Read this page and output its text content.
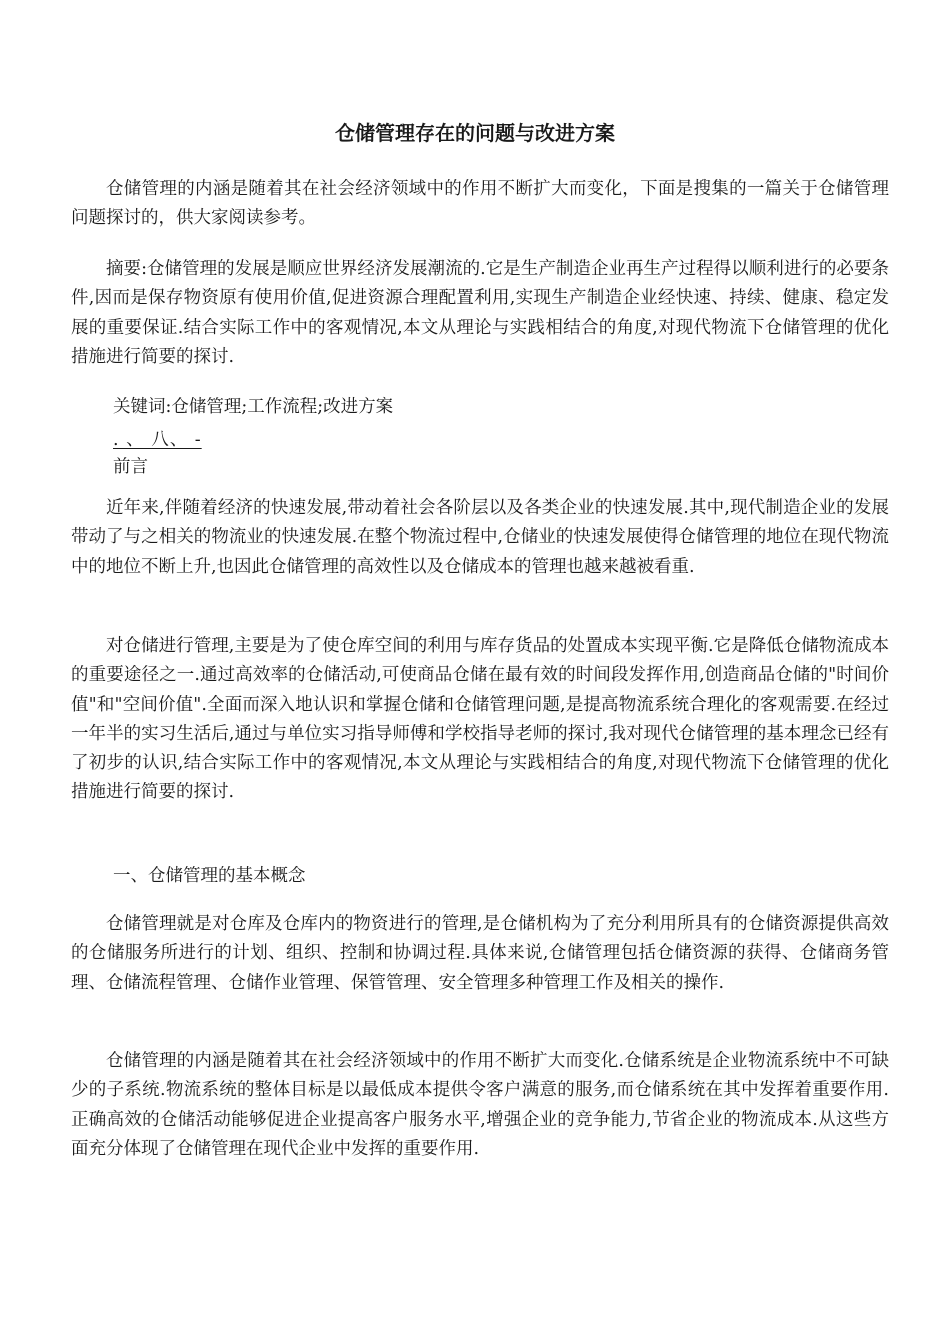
仓储管理存在的问题与改进方案

仓储管理的内涵是随着其在社会经济领域中的作用不断扩大而变化，下面是搜集的一篇关于仓储管理问题探讨的，供大家阅读参考。

摘要:仓储管理的发展是顺应世界经济发展潮流的.它是生产制造企业再生产过程得以顺利进行的必要条件,因而是保存物资原有使用价值,促进资源合理配置利用,实现生产制造企业经快速、持续、健康、稳定发展的重要保证.结合实际工作中的客观情况,本文从理论与实践相结合的角度,对现代物流下仓储管理的优化措施进行简要的探讨.

关键词:仓储管理;工作流程;改进方案

. 、 八、 -

前言

近年来,伴随着经济的快速发展,带动着社会各阶层以及各类企业的快速发展.其中,现代制造企业的发展带动了与之相关的物流业的快速发展.在整个物流过程中,仓储业的快速发展使得仓储管理的地位在现代物流中的地位不断上升,也因此仓储管理的高效性以及仓储成本的管理也越来越被看重.

对仓储进行管理,主要是为了使仓库空间的利用与库存货品的处置成本实现平衡.它是降低仓储物流成本的重要途径之一.通过高效率的仓储活动,可使商品仓储在最有效的时间段发挥作用,创造商品仓储的"时间价值"和"空间价值".全面而深入地认识和掌握仓储和仓储管理问题,是提高物流系统合理化的客观需要.在经过一年半的实习生活后,通过与单位实习指导师傅和学校指导老师的探讨,我对现代仓储管理的基本理念已经有了初步的认识,结合实际工作中的客观情况,本文从理论与实践相结合的角度,对现代物流下仓储管理的优化措施进行简要的探讨.

一、仓储管理的基本概念

仓储管理就是对仓库及仓库内的物资进行的管理,是仓储机构为了充分利用所具有的仓储资源提供高效的仓储服务所进行的计划、组织、控制和协调过程.具体来说,仓储管理包括仓储资源的获得、仓储商务管理、仓储流程管理、仓储作业管理、保管管理、安全管理多种管理工作及相关的操作.

仓储管理的内涵是随着其在社会经济领域中的作用不断扩大而变化.仓储系统是企业物流系统中不可缺少的子系统.物流系统的整体目标是以最低成本提供令客户满意的服务,而仓储系统在其中发挥着重要作用.正确高效的仓储活动能够促进企业提高客户服务水平,增强企业的竞争能力,节省企业的物流成本.从这些方面充分体现了仓储管理在现代企业中发挥的重要作用.
